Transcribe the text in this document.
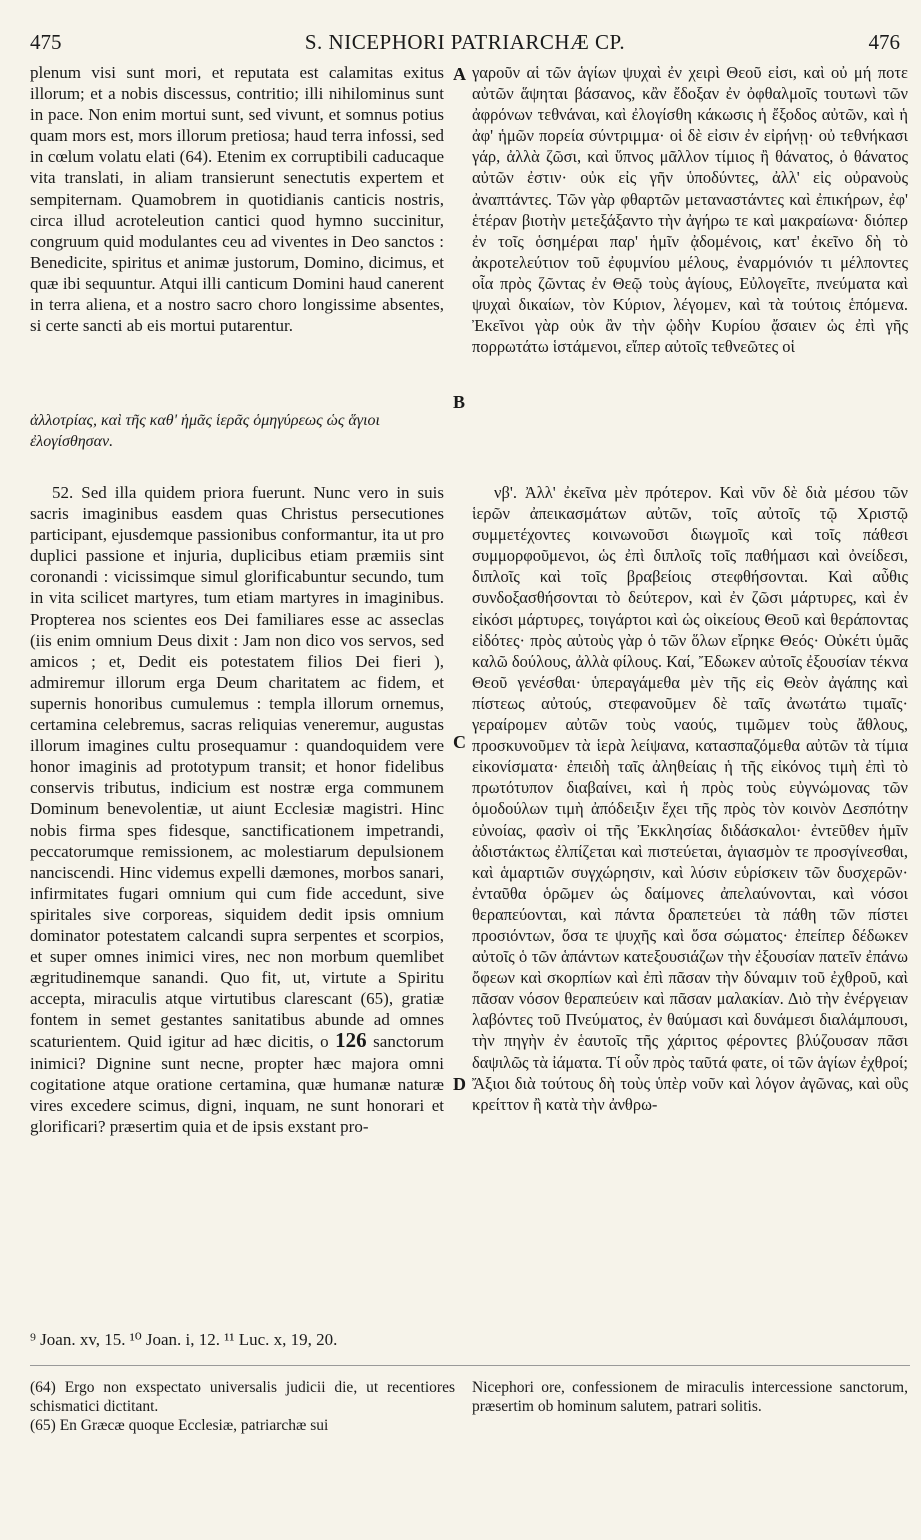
475	S. NICEPHORI PATRIARCHÆ CP.	476
A
B
C
D

plenum visi sunt mori, et reputata est calamitas exitus illorum; et a nobis discessus, contritio; illi nihilominus sunt in pace. Non enim mortui sunt, sed vivunt, et somnus potius quam mors est, mors illorum pretiosa; haud terra infossi, sed in cœlum volatu elati (64). Etenim ex corruptibili caducaque vita translati, in aliam transierunt senectutis expertem et sempiternam. Quamobrem in quotidianis canticis nostris, circa illud acroteleution cantici quod hymno succinitur, congruum quid modulantes ceu ad viventes in Deo sanctos : Benedicite, spiritus et animæ justorum, Domino, dicimus, et quæ ibi sequuntur. Atqui illi canticum Domini haud canerent in terra aliena, et a nostro sacro choro longissime absentes, si certe sancti ab eis mortui putarentur.

ἀλλοτρίας, καὶ τῆς καθ' ἡμᾶς ἱερᾶς ὁμηγύρεως ὡς ἅγιοι ἐλογίσθησαν.

52. Sed illa quidem priora fuerunt. Nunc vero in suis sacris imaginibus easdem quas Christus persecutiones participant, ejusdemque passionibus conformantur, ita ut pro duplici passione et injuria, duplicibus etiam præmiis sint coronandi : vicissimque simul glorificabuntur secundo, tum in vita scilicet martyres, tum etiam martyres in imaginibus. Propterea nos scientes eos Dei familiares esse ac asseclas (iis enim omnium Deus dixit : Jam non dico vos servos, sed amicos ; et, Dedit eis potestatem filios Dei fieri ), admiremur illorum erga Deum charitatem ac fidem, et supernis honoribus cumulemus : templa illorum ornemus, certamina celebremus, sacras reliquias veneremur, augustas illorum imagines cultu prosequamur : quandoquidem vere honor imaginis ad prototypum transit; et honor fidelibus conservis tributus, indicium est nostræ erga communem Dominum benevolentiæ, ut aiunt Ecclesiæ magistri. Hinc nobis firma spes fidesque, sanctificationem impetrandi, peccatorumque remissionem, ac molestiarum depulsionem nanciscendi. Hinc videmus expelli dæmones, morbos sanari, infirmitates fugari omnium qui cum fide accedunt, sive spiritales sive corporeas, siquidem dedit ipsis omnium dominator potestatem calcandi supra serpentes et scorpios, et super omnes inimici vires, nec non morbum quemlibet ægritudinemque sanandi. Quo fit, ut, virtute a Spiritu accepta, miraculis atque virtutibus clarescant (65), gratiæ fontem in semet gestantes sanitatibus abunde ad omnes scaturientem. Quid igitur ad hæc dicitis, o 126 sanctorum inimici? Dignine sunt necne, propter hæc majora omni cogitatione atque oratione certamina, quæ humanæ naturæ vires excedere scimus, digni, inquam, ne sunt honorari et glorificari? præsertim quia et de ipsis exstant pro-

γαροῦν αἱ τῶν ἁγίων ψυχαὶ ἐν χειρὶ Θεοῦ εἰσι, καὶ οὐ μή ποτε αὐτῶν ἅψηται βάσανος, κἂν ἔδοξαν ἐν ὀφθαλμοῖς τουτωνὶ τῶν ἀφρόνων τεθνάναι, καὶ ἐλογίσθη κάκωσις ἡ ἔξοδος αὐτῶν, καὶ ἡ ἀφ' ἡμῶν πορεία σύντριμμα· οἱ δὲ εἰσιν ἐν εἰρήνῃ· οὐ τεθνήκασι γάρ, ἀλλὰ ζῶσι, καὶ ὕπνος μᾶλλον τίμιος ἢ θάνατος, ὁ θάνατος αὐτῶν ἐστιν· οὐκ εἰς γῆν ὑποδύντες, ἀλλ' εἰς οὐρανοὺς ἀναπτάντες. Τῶν γὰρ φθαρτῶν μεταναστάντες καὶ ἐπικήρων, ἐφ' ἑτέραν βιοτὴν μετεξάξαντο τὴν ἀγήρω τε καὶ μακραίωνα· διόπερ ἐν τοῖς ὁσημέραι παρ' ἡμῖν ᾀδομένοις, κατ' ἐκεῖνο δὴ τὸ ἀκροτελεύτιον τοῦ ἐφυμνίου μέλους, ἐναρμόνιόν τι μέλποντες οἷα πρὸς ζῶντας ἐν Θεῷ τοὺς ἁγίους, Εὐλογεῖτε, πνεύματα καὶ ψυχαὶ δικαίων, τὸν Κύριον, λέγομεν, καὶ τὰ τούτοις ἑπόμενα. Ἐκεῖνοι γὰρ οὐκ ἂν τὴν ᾠδὴν Κυρίου ᾄσαιεν ὡς ἐπὶ γῆς πορρωτάτω ἱστάμενοι, εἴπερ αὐτοῖς τεθνεῶτες οἱ

νβ'. Ἀλλ' ἐκεῖνα μὲν πρότερον. Καὶ νῦν δὲ διὰ μέσου τῶν ἱερῶν ἀπεικασμάτων αὐτῶν, τοῖς αὐτοῖς τῷ Χριστῷ συμμετέχοντες κοινωνοῦσι διωγμοῖς καὶ τοῖς πάθεσι συμμορφοῦμενοι, ὡς ἐπὶ διπλοῖς τοῖς παθήμασι καὶ ὀνείδεσι, διπλοῖς καὶ τοῖς βραβείοις στεφθήσονται. Καὶ αὖθις συνδοξασθήσονται τὸ δεύτερον, καὶ ἐν ζῶσι μάρτυρες, καὶ ἐν εἰκόσι μάρτυρες, τοιγάρτοι καὶ ὡς οἰκείους Θεοῦ καὶ θεράποντας εἰδότες· πρὸς αὐτοὺς γὰρ ὁ τῶν ὅλων εἴρηκε Θεός· Οὐκέτι ὑμᾶς καλῶ δούλους, ἀλλὰ φίλους. Καί, Ἔδωκεν αὐτοῖς ἐξουσίαν τέκνα Θεοῦ γενέσθαι· ὑπεραγάμεθα μὲν τῆς εἰς Θεὸν ἀγάπης καὶ πίστεως αὐτούς, στεφανοῦμεν δὲ ταῖς ἀνωτάτω τιμαῖς· γεραίρομεν αὐτῶν τοὺς ναούς, τιμῶμεν τοὺς ἄθλους, προσκυνοῦμεν τὰ ἱερὰ λείψανα, κατασπαζόμεθα αὐτῶν τὰ τίμια εἰκονίσματα· ἐπειδὴ ταῖς ἀληθείαις ἡ τῆς εἰκόνος τιμὴ ἐπὶ τὸ πρωτότυπον διαβαίνει, καὶ ἡ πρὸς τοὺς εὐγνώμονας τῶν ὁμοδούλων τιμὴ ἀπόδειξιν ἔχει τῆς πρὸς τὸν κοινὸν Δεσπότην εὐνοίας, φασὶν οἱ τῆς Ἐκκλησίας διδάσκαλοι· ἐντεῦθεν ἡμῖν ἀδιστάκτως ἐλπίζεται καὶ πιστεύεται, ἁγιασμὸν τε προσγίνεσθαι, καὶ ἁμαρτιῶν συγχώρησιν, καὶ λύσιν εὑρίσκειν τῶν δυσχερῶν· ἐνταῦθα ὁρῶμεν ὡς δαίμονες ἀπελαύνονται, καὶ νόσοι θεραπεύονται, καὶ πάντα δραπετεύει τὰ πάθη τῶν πίστει προσιόντων, ὅσα τε ψυχῆς καὶ ὅσα σώματος· ἐπείπερ δέδωκεν αὐτοῖς ὁ τῶν ἁπάντων κατεξουσιάζων τὴν ἐξουσίαν πατεῖν ἐπάνω ὄφεων καὶ σκορπίων καὶ ἐπὶ πᾶσαν τὴν δύναμιν τοῦ ἐχθροῦ, καὶ πᾶσαν νόσον θεραπεύειν καὶ πᾶσαν μαλακίαν. Διὸ τὴν ἐνέργειαν λαβόντες τοῦ Πνεύματος, ἐν θαύμασι καὶ δυνάμεσι διαλάμπουσι, τὴν πηγὴν ἐν ἑαυτοῖς τῆς χάριτος φέροντες βλύζουσαν πᾶσι δαψιλῶς τὰ ἰάματα. Τί οὖν πρὸς ταῦτά φατε, οἱ τῶν ἁγίων ἐχθροί; Ἄξιοι διὰ τούτους δὴ τοὺς ὑπὲρ νοῦν καὶ λόγον ἀγῶνας, καὶ οὓς κρείττον ἢ κατὰ τὴν ἀνθρω-

⁹ Joan. xv, 15. ¹⁰ Joan. i, 12. ¹¹ Luc. x, 19, 20.

(64) Ergo non exspectato universalis judicii die, ut recentiores schismatici dictitant.

(65) En Græcæ quoque Ecclesiæ, patriarchæ sui

Nicephori ore, confessionem de miraculis intercessione sanctorum, præsertim ob hominum salutem, patrari solitis.
